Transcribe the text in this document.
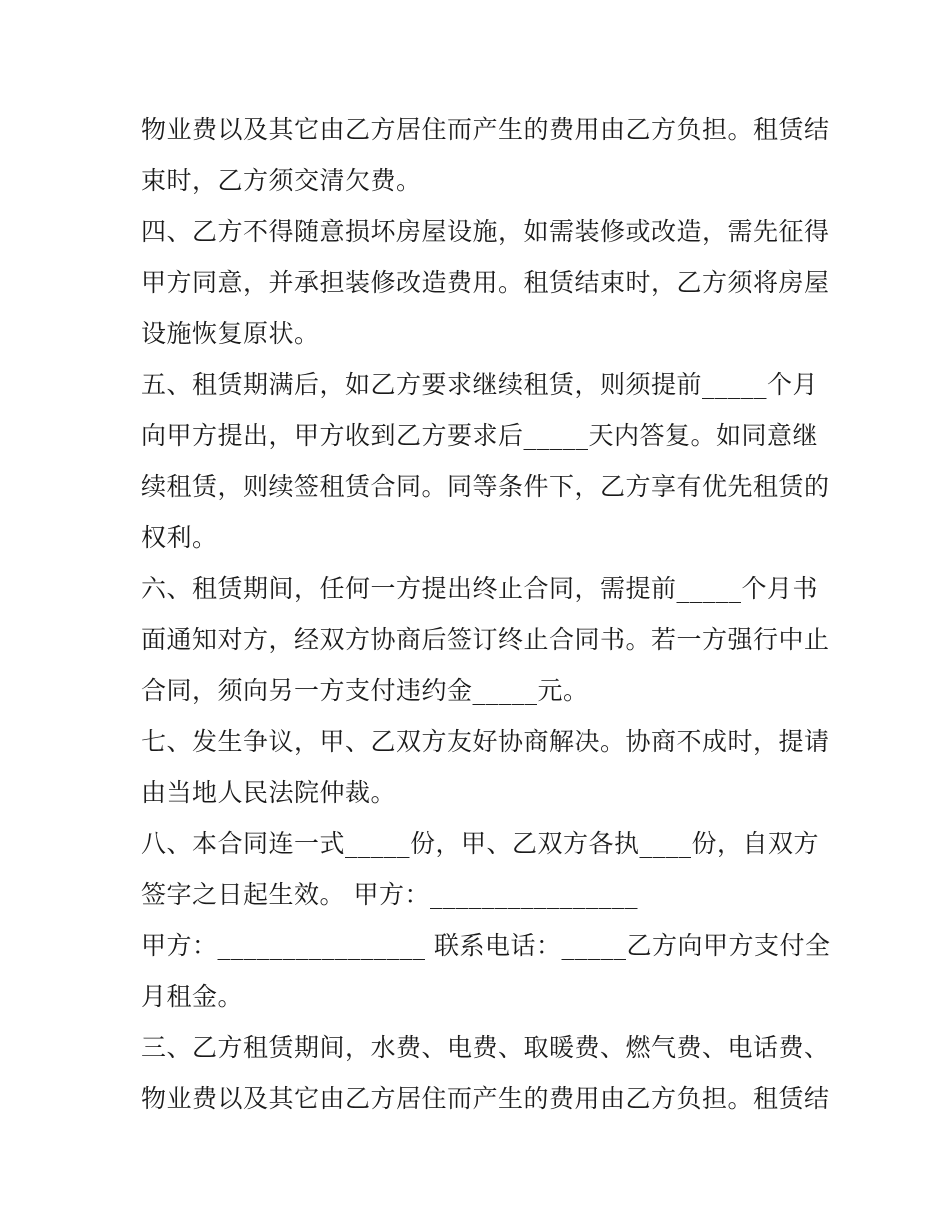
物业费以及其它由乙方居住而产生的费用由乙方负担。租赁结
束时，乙方须交清欠费。
四、乙方不得随意损坏房屋设施，如需装修或改造，需先征得
甲方同意，并承担装修改造费用。租赁结束时，乙方须将房屋
设施恢复原状。
五、租赁期满后，如乙方要求继续租赁，则须提前_____个月
向甲方提出，甲方收到乙方要求后_____天内答复。如同意继
续租赁，则续签租赁合同。同等条件下，乙方享有优先租赁的
权利。
六、租赁期间，任何一方提出终止合同，需提前_____个月书
面通知对方，经双方协商后签订终止合同书。若一方强行中止
合同，须向另一方支付违约金_____元。
七、发生争议，甲、乙双方友好协商解决。协商不成时，提请
由当地人民法院仲裁。
八、本合同连一式_____份，甲、乙双方各执____份，自双方
签字之日起生效。 甲方：________________
甲方：________________ 联系电话：_____乙方向甲方支付全
月租金。
三、乙方租赁期间，水费、电费、取暖费、燃气费、电话费、
物业费以及其它由乙方居住而产生的费用由乙方负担。租赁结
